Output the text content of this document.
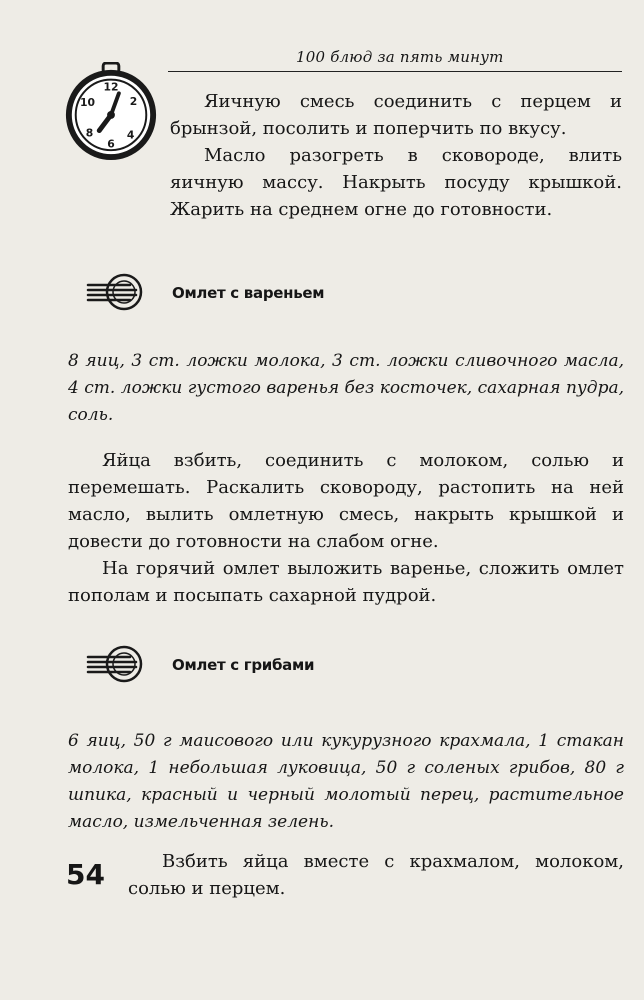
100 блюд за пять минут
12
2
4
6
8
10	Яичную смесь соединить с перцем и брынзой, посолить и поперчить по вкусу.

Масло разогреть в сковороде, влить яичную массу. Накрыть посуду крышкой. Жарить на среднем огне до готовности.

Омлет с вареньем

8 яиц, 3 ст. ложки молока, 3 ст. ложки сливочного масла, 4 ст. ложки густого варенья без косточек, сахарная пудра, соль.

Яйца взбить, соединить с молоком, солью и перемешать. Раскалить сковороду, растопить на ней масло, вылить омлетную смесь, накрыть крышкой и довести до готовности на слабом огне.

На горячий омлет выложить варенье, сложить омлет пополам и посыпать сахарной пудрой.

Омлет с грибами

6 яиц, 50 г маисового или кукурузного крахмала, 1 стакан молока, 1 небольшая луковица, 50 г соленых грибов, 80 г шпика, красный и черный молотый перец, растительное масло, измельченная зелень.

Взбить яйца вместе с крахмалом, молоком, солью и перцем.

54
